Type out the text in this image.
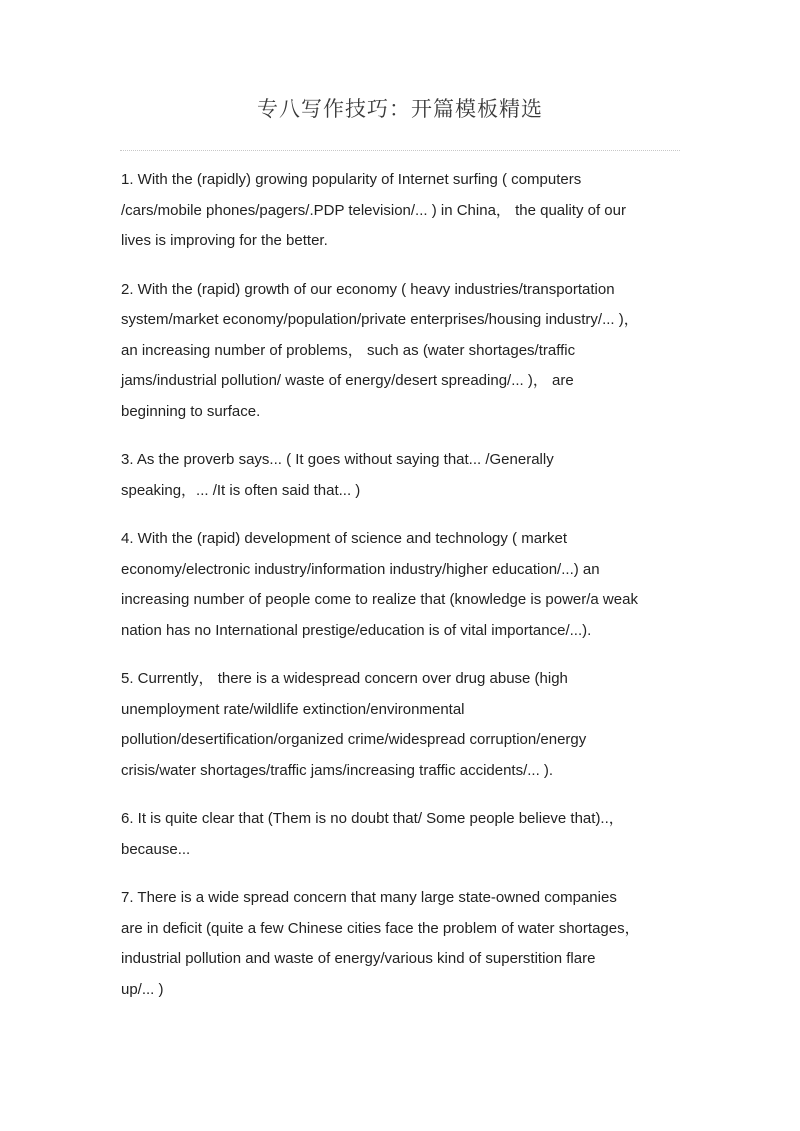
专八写作技巧：开篇模板精选

1. With the (rapidly) growing popularity of Internet surfing ( computers
/cars/mobile phones/pagers/.PDP television/... ) in China， the quality of our
lives is improving for the better.

2. With the (rapid) growth of our economy ( heavy industries/transportation
system/market economy/population/private enterprises/housing industry/... )，
an increasing number of problems， such as (water shortages/traffic
jams/industrial pollution/ waste of energy/desert spreading/... )， are
beginning to surface.

3. As the proverb says... ( It goes without saying that... /Generally
speaking，... /It is often said that... )

4. With the (rapid) development of science and technology ( market
economy/electronic industry/information industry/higher education/...) an
increasing number of people come to realize that (knowledge is power/a weak
nation has no International prestige/education is of vital importance/...).

5. Currently， there is a widespread concern over drug abuse (high
unemployment rate/wildlife extinction/environmental
pollution/desertification/organized crime/widespread corruption/energy
crisis/water shortages/traffic jams/increasing traffic accidents/... ).

6. It is quite clear that (Them is no doubt that/ Some people believe that)..，
because...

7. There is a wide spread concern that many large state-owned companies
are in deficit (quite a few Chinese cities face the problem of water shortages，
industrial pollution and waste of energy/various kind of superstition flare
up/... )
